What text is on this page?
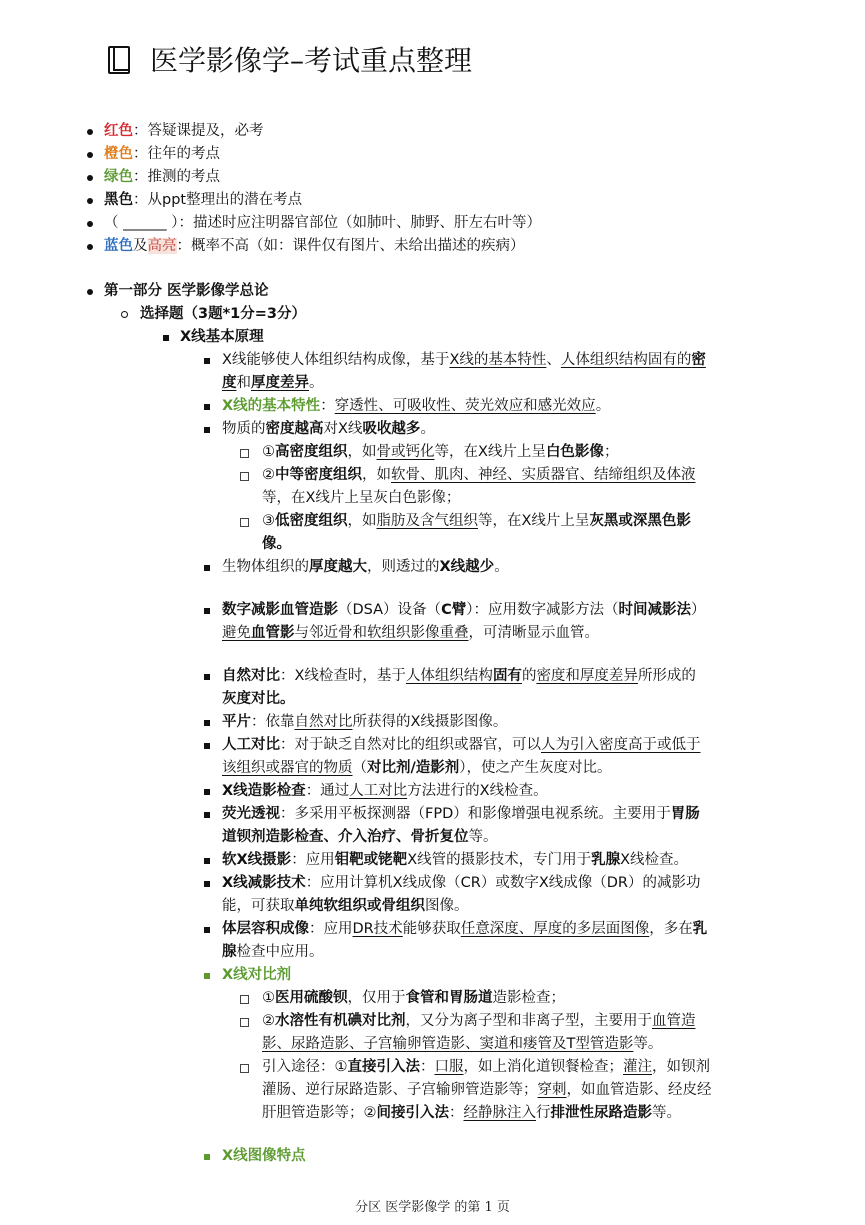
医学影像学–考试重点整理
红色：答疑课提及，必考
橙色：往年的考点
绿色：推测的考点
黑色：从ppt整理出的潜在考点
（ ______ ）：描述时应注明器官部位（如肺叶、肺野、肝左右叶等）
蓝色及高亮：概率不高（如：课件仅有图片、未给出描述的疾病）
第一部分 医学影像学总论
选择题（3题*1分=3分）
X线基本原理
X线能够使人体组织结构成像，基于X线的基本特性、人体组织结构固有的密
度和厚度差异。
X线的基本特性：穿透性、可吸收性、荧光效应和感光效应。
物质的密度越高对X线吸收越多。
①高密度组织，如骨或钙化等，在X线片上呈白色影像；
②中等密度组织，如软骨、肌肉、神经、实质器官、结缔组织及体液
等，在X线片上呈灰白色影像；
③低密度组织，如脂肪及含气组织等，在X线片上呈灰黑或深黑色影
像。
生物体组织的厚度越大，则透过的X线越少。
数字减影血管造影（DSA）设备（C臂）：应用数字减影方法（时间减影法）
避免血管影与邻近骨和软组织影像重叠，可清晰显示血管。
自然对比：X线检查时，基于人体组织结构固有的密度和厚度差异所形成的
灰度对比。
平片：依靠自然对比所获得的X线摄影图像。
人工对比：对于缺乏自然对比的组织或器官，可以人为引入密度高于或低于
该组织或器官的物质（对比剂/造影剂），使之产生灰度对比。
X线造影检查：通过人工对比方法进行的X线检查。
荧光透视：多采用平板探测器（FPD）和影像增强电视系统。主要用于胃肠
道钡剂造影检查、介入治疗、骨折复位等。
软X线摄影：应用钼靶或铑靶X线管的摄影技术，专门用于乳腺X线检查。
X线减影技术：应用计算机X线成像（CR）或数字X线成像（DR）的减影功
能，可获取单纯软组织或骨组织图像。
体层容积成像：应用DR技术能够获取任意深度、厚度的多层面图像，多在乳
腺检查中应用。
X线对比剂
①医用硫酸钡，仅用于食管和胃肠道造影检查；
②水溶性有机碘对比剂，又分为离子型和非离子型，主要用于血管造
影、尿路造影、子宫输卵管造影、窦道和瘘管及T型管造影等。
引入途径：①直接引入法：口服，如上消化道钡餐检查；灌注，如钡剂
灌肠、逆行尿路造影、子宫输卵管造影等；穿刺，如血管造影、经皮经
肝胆管造影等；②间接引入法：经静脉注入行排泄性尿路造影等。
X线图像特点
分区 医学影像学 的第 1 页
